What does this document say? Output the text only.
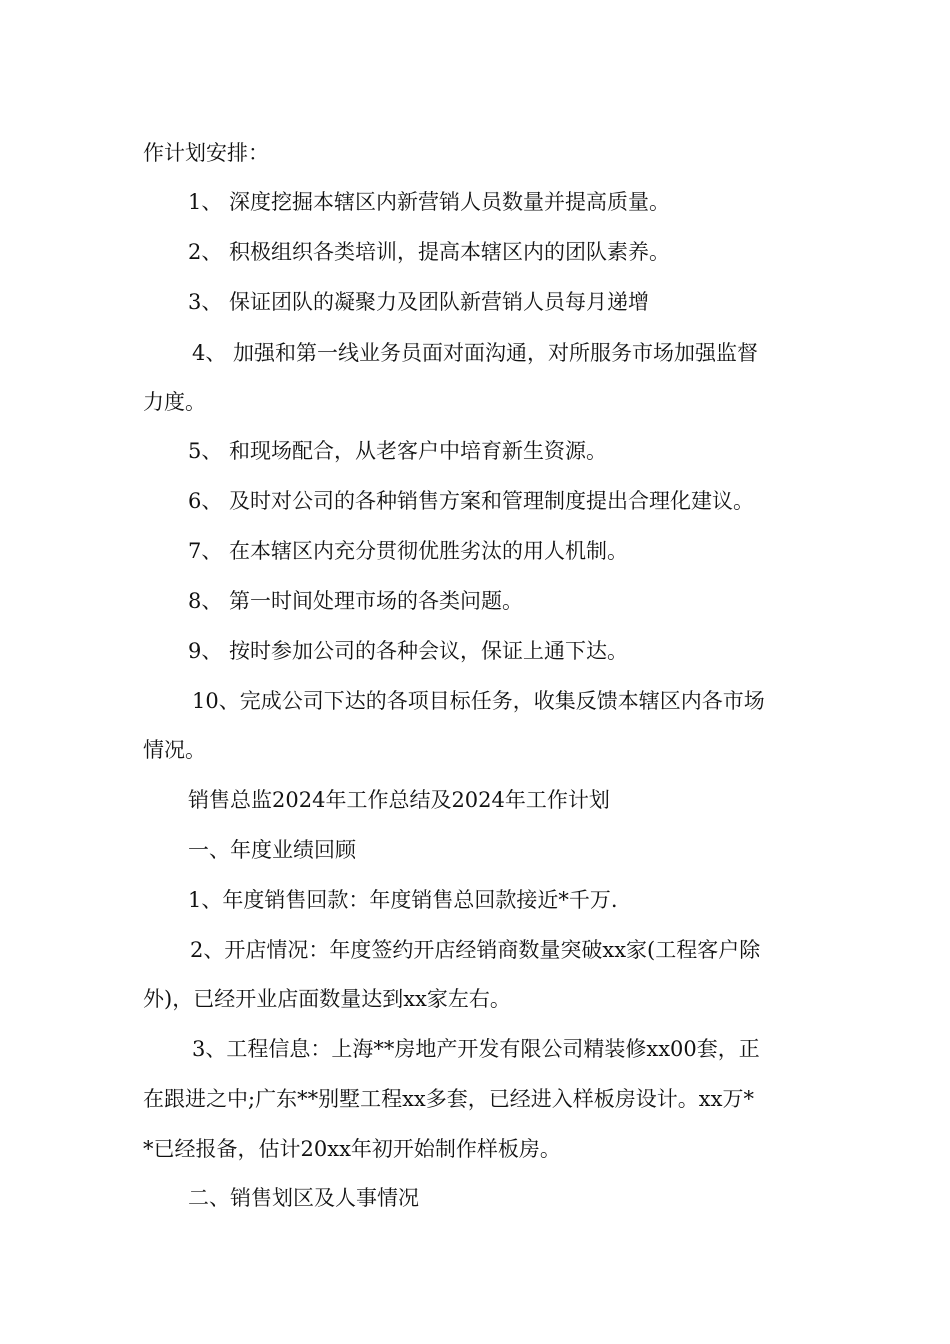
作计划安排：
1、 深度挖掘本辖区内新营销人员数量并提高质量。
2、 积极组织各类培训，提高本辖区内的团队素养。
3、 保证团队的凝聚力及团队新营销人员每月递增
4、 加强和第一线业务员面对面沟通，对所服务市场加强监督
力度。
5、 和现场配合，从老客户中培育新生资源。
6、 及时对公司的各种销售方案和管理制度提出合理化建议。
7、 在本辖区内充分贯彻优胜劣汰的用人机制。
8、 第一时间处理市场的各类问题。
9、 按时参加公司的各种会议，保证上通下达。
10、完成公司下达的各项目标任务，收集反馈本辖区内各市场
情况。
销售总监2024年工作总结及2024年工作计划
一、年度业绩回顾
1、年度销售回款：年度销售总回款接近*千万.
2、开店情况：年度签约开店经销商数量突破xx家(工程客户除
外)，已经开业店面数量达到xx家左右。
3、工程信息：上海**房地产开发有限公司精装修xx00套，正
在跟进之中;广东**别墅工程xx多套，已经进入样板房设计。xx万*
*已经报备，估计20xx年初开始制作样板房。
二、销售划区及人事情况
